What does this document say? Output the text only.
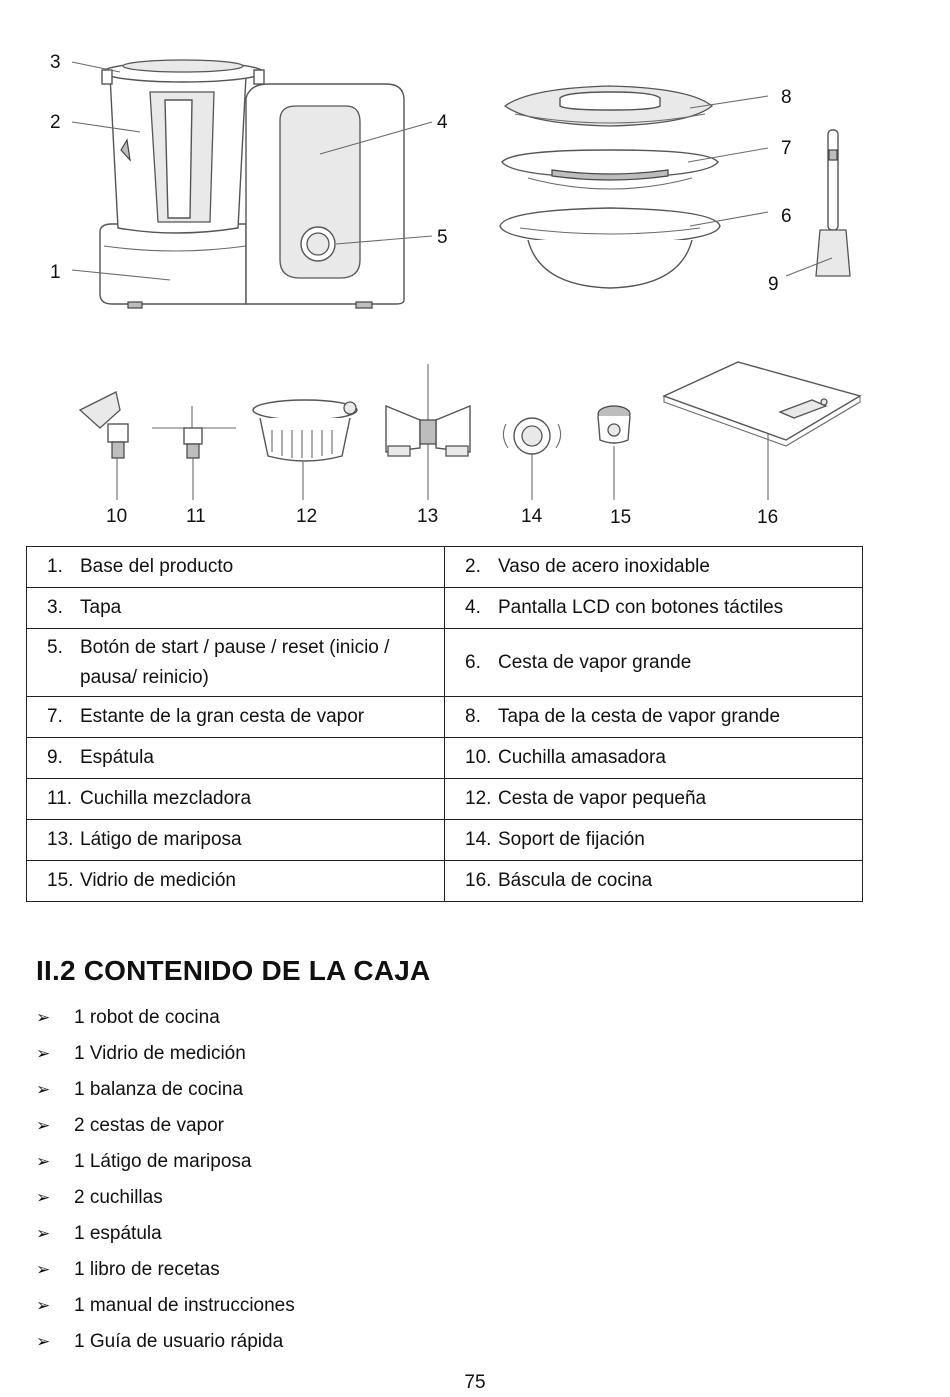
3
2
1
4
5
8
7
6
9
10	11	12	13	14	15	16
1. Base del producto	2. Vaso de acero inoxidable

3. Tapa	4. Pantalla LCD con botones táctiles

5. Botón de start / pause / reset (inicio / pausa/ reinicio)	6. Cesta de vapor grande

7. Estante de la gran cesta de vapor	8. Tapa de la cesta de vapor grande

9. Espátula	10. Cuchilla amasadora

11. Cuchilla mezcladora	12. Cesta de vapor pequeña

13. Látigo de mariposa	14. Soport de fijación

15. Vidrio de medición	16. Báscula de cocina
II.2 CONTENIDO DE LA CAJA
➢	1 robot de cocina
➢	1 Vidrio de medición
➢	1 balanza de cocina
➢	2 cestas de vapor
➢	1 Látigo de mariposa
➢	2 cuchillas
➢	1 espátula
➢	1 libro de recetas
➢	1 manual de instrucciones
➢	1 Guía de usuario rápida
75
